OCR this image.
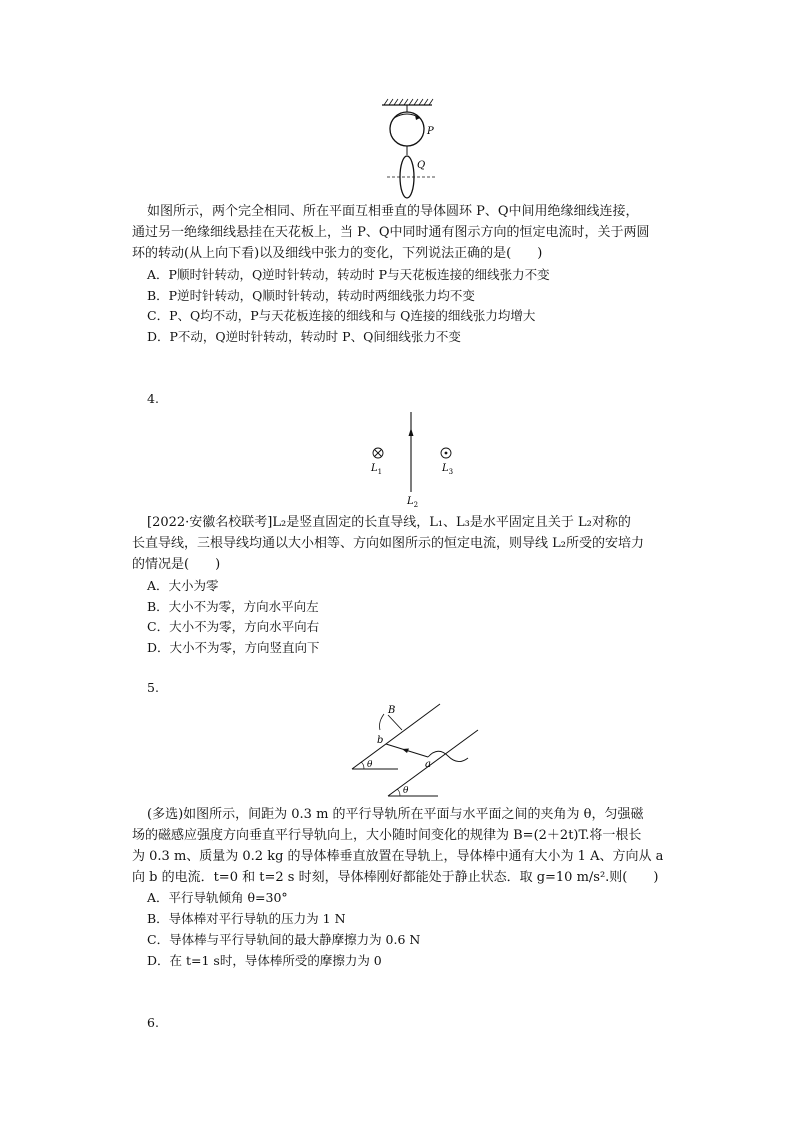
P
Q
如图所示，两个完全相同、所在平面互相垂直的导体圆环 P、Q中间用绝缘细线连接，
通过另一绝缘细线悬挂在天花板上，当 P、Q中同时通有图示方向的恒定电流时，关于两圆
环的转动(从上向下看)以及细线中张力的变化，下列说法正确的是(　　)
A．P顺时针转动，Q逆时针转动，转动时 P与天花板连接的细线张力不变
B．P逆时针转动，Q顺时针转动，转动时两细线张力均不变
C．P、Q均不动，P与天花板连接的细线和与 Q连接的细线张力均增大
D．P不动，Q逆时针转动，转动时 P、Q间细线张力不变
4.
$L_1$	$L_3$
$L_2$
[2022·安徽名校联考]L₂是竖直固定的长直导线，L₁、L₃是水平固定且关于 L₂对称的
长直导线，三根导线均通以大小相等、方向如图所示的恒定电流，则导线 L₂所受的安培力
的情况是(　　)
A．大小为零
B．大小不为零，方向水平向左
C．大小不为零，方向水平向右
D．大小不为零，方向竖直向下
5.
B
b
a
θ
θ
(多选)如图所示，间距为 0.3 m 的平行导轨所在平面与水平面之间的夹角为 θ，匀强磁
场的磁感应强度方向垂直平行导轨向上，大小随时间变化的规律为 B=(2＋2t)T.将一根长
为 0.3 m、质量为 0.2 kg 的导体棒垂直放置在导轨上，导体棒中通有大小为 1 A、方向从 a
向 b 的电流．t=0 和 t=2 s 时刻，导体棒刚好都能处于静止状态．取 g=10 m/s².则(　　)
A．平行导轨倾角 θ=30°
B．导体棒对平行导轨的压力为 1 N
C．导体棒与平行导轨间的最大静摩擦力为 0.6 N
D．在 t=1 s时，导体棒所受的摩擦力为 0
6.
